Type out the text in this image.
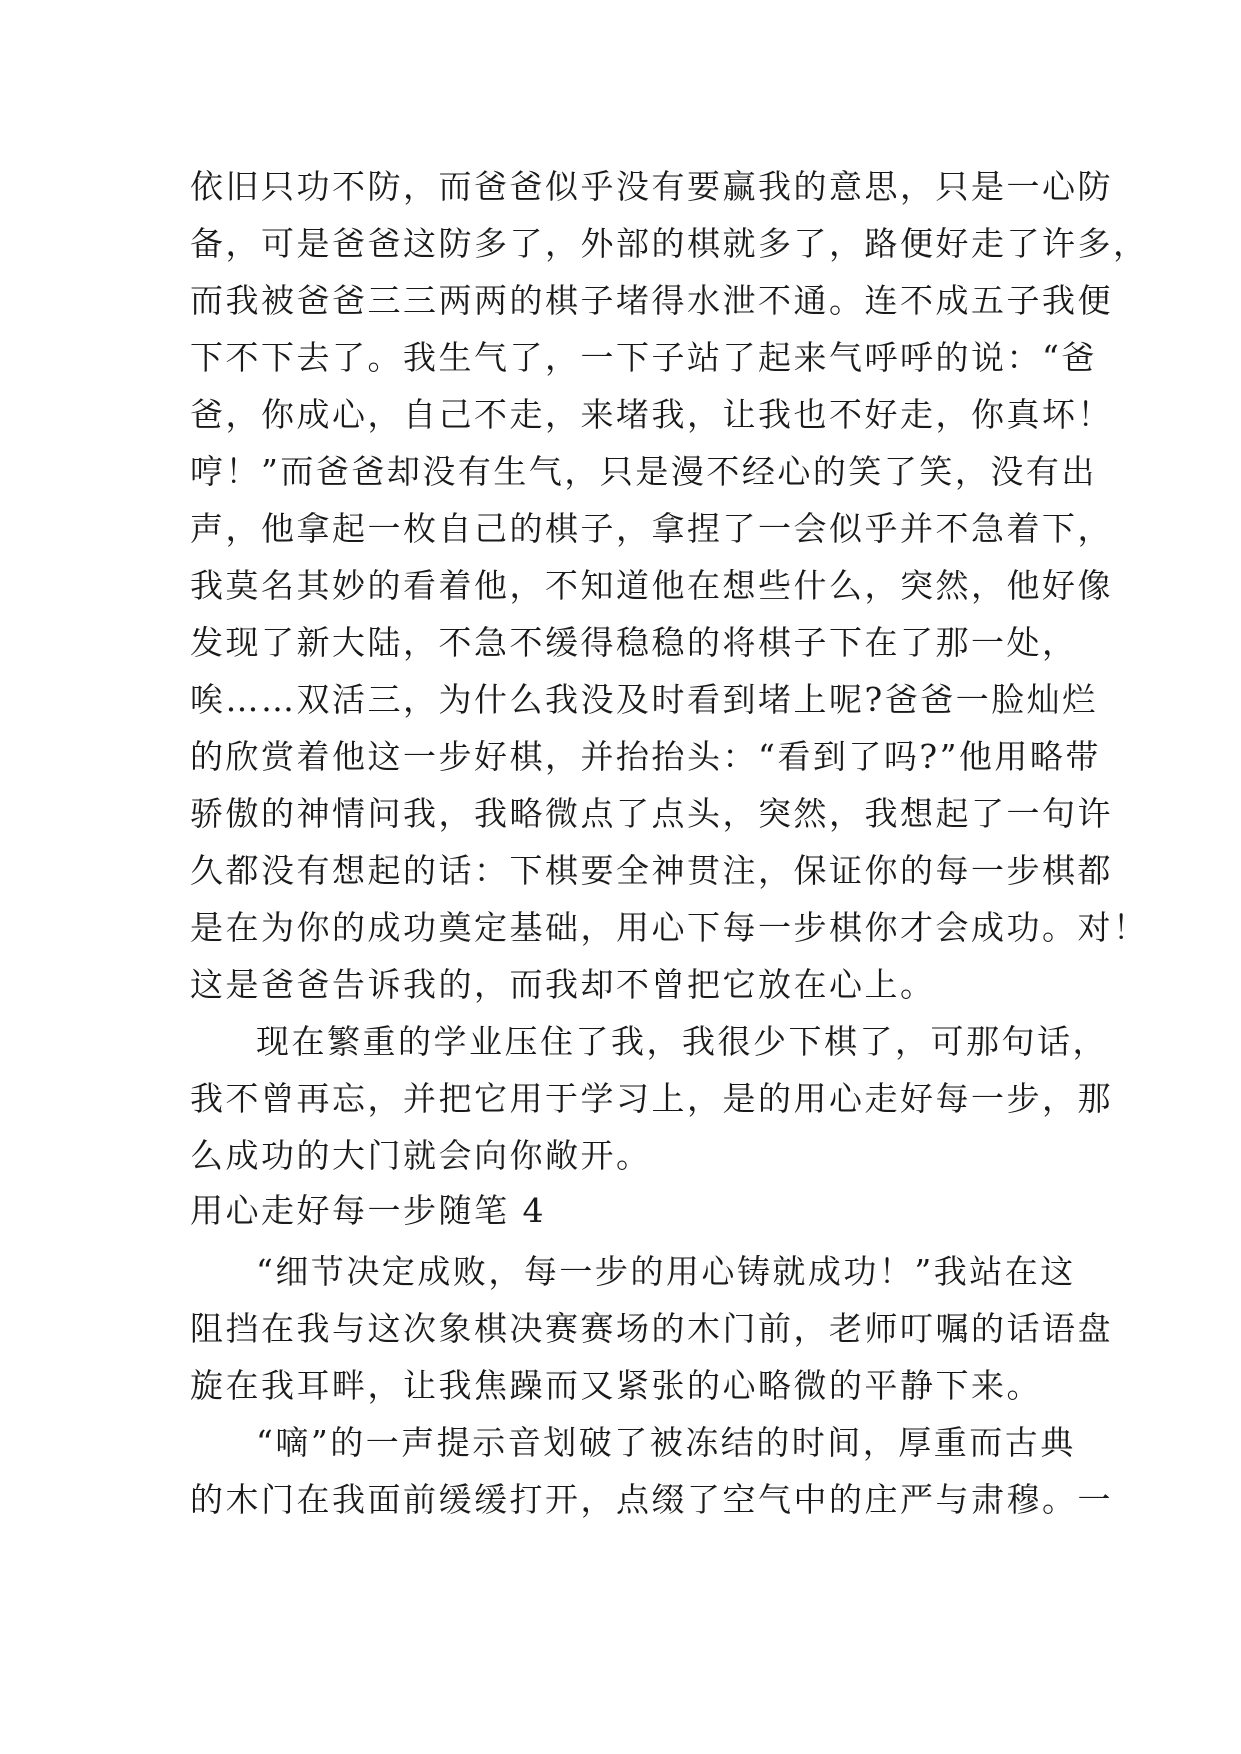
依旧只功不防，而爸爸似乎没有要赢我的意思，只是一心防
备，可是爸爸这防多了，外部的棋就多了，路便好走了许多，
而我被爸爸三三两两的棋子堵得水泄不通。连不成五子我便
下不下去了。我生气了，一下子站了起来气呼呼的说：“爸
爸，你成心，自己不走，来堵我，让我也不好走，你真坏！
哼！”而爸爸却没有生气，只是漫不经心的笑了笑，没有出
声，他拿起一枚自己的棋子，拿捏了一会似乎并不急着下，
我莫名其妙的看着他，不知道他在想些什么，突然，他好像
发现了新大陆，不急不缓得稳稳的将棋子下在了那一处，
唉……双活三，为什么我没及时看到堵上呢?爸爸一脸灿烂
的欣赏着他这一步好棋，并抬抬头：“看到了吗?”他用略带
骄傲的神情问我，我略微点了点头，突然，我想起了一句许
久都没有想起的话：下棋要全神贯注，保证你的每一步棋都
是在为你的成功奠定基础，用心下每一步棋你才会成功。对！
这是爸爸告诉我的，而我却不曾把它放在心上。
现在繁重的学业压住了我，我很少下棋了，可那句话，
我不曾再忘，并把它用于学习上，是的用心走好每一步，那
么成功的大门就会向你敞开。
用心走好每一步随笔 4
“细节决定成败，每一步的用心铸就成功！”我站在这
阻挡在我与这次象棋决赛赛场的木门前，老师叮嘱的话语盘
旋在我耳畔，让我焦躁而又紧张的心略微的平静下来。
“嘀”的一声提示音划破了被冻结的时间，厚重而古典
的木门在我面前缓缓打开，点缀了空气中的庄严与肃穆。一
